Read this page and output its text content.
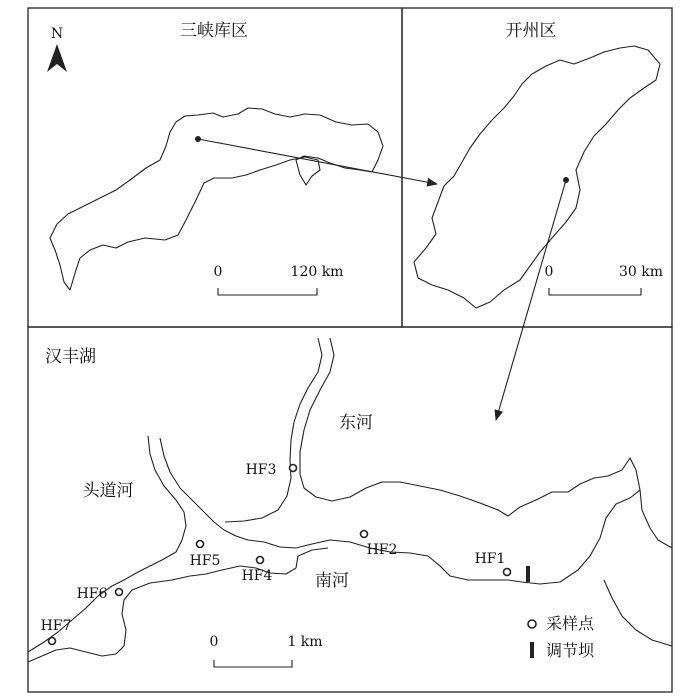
三峡库区
N
0	120 km
开州区
0	30 km
汉丰湖
东河
头道河
南河
HF1
HF2
HF3
HF4
HF5
HF6
HF7
0	1 km
采样点
调节坝
